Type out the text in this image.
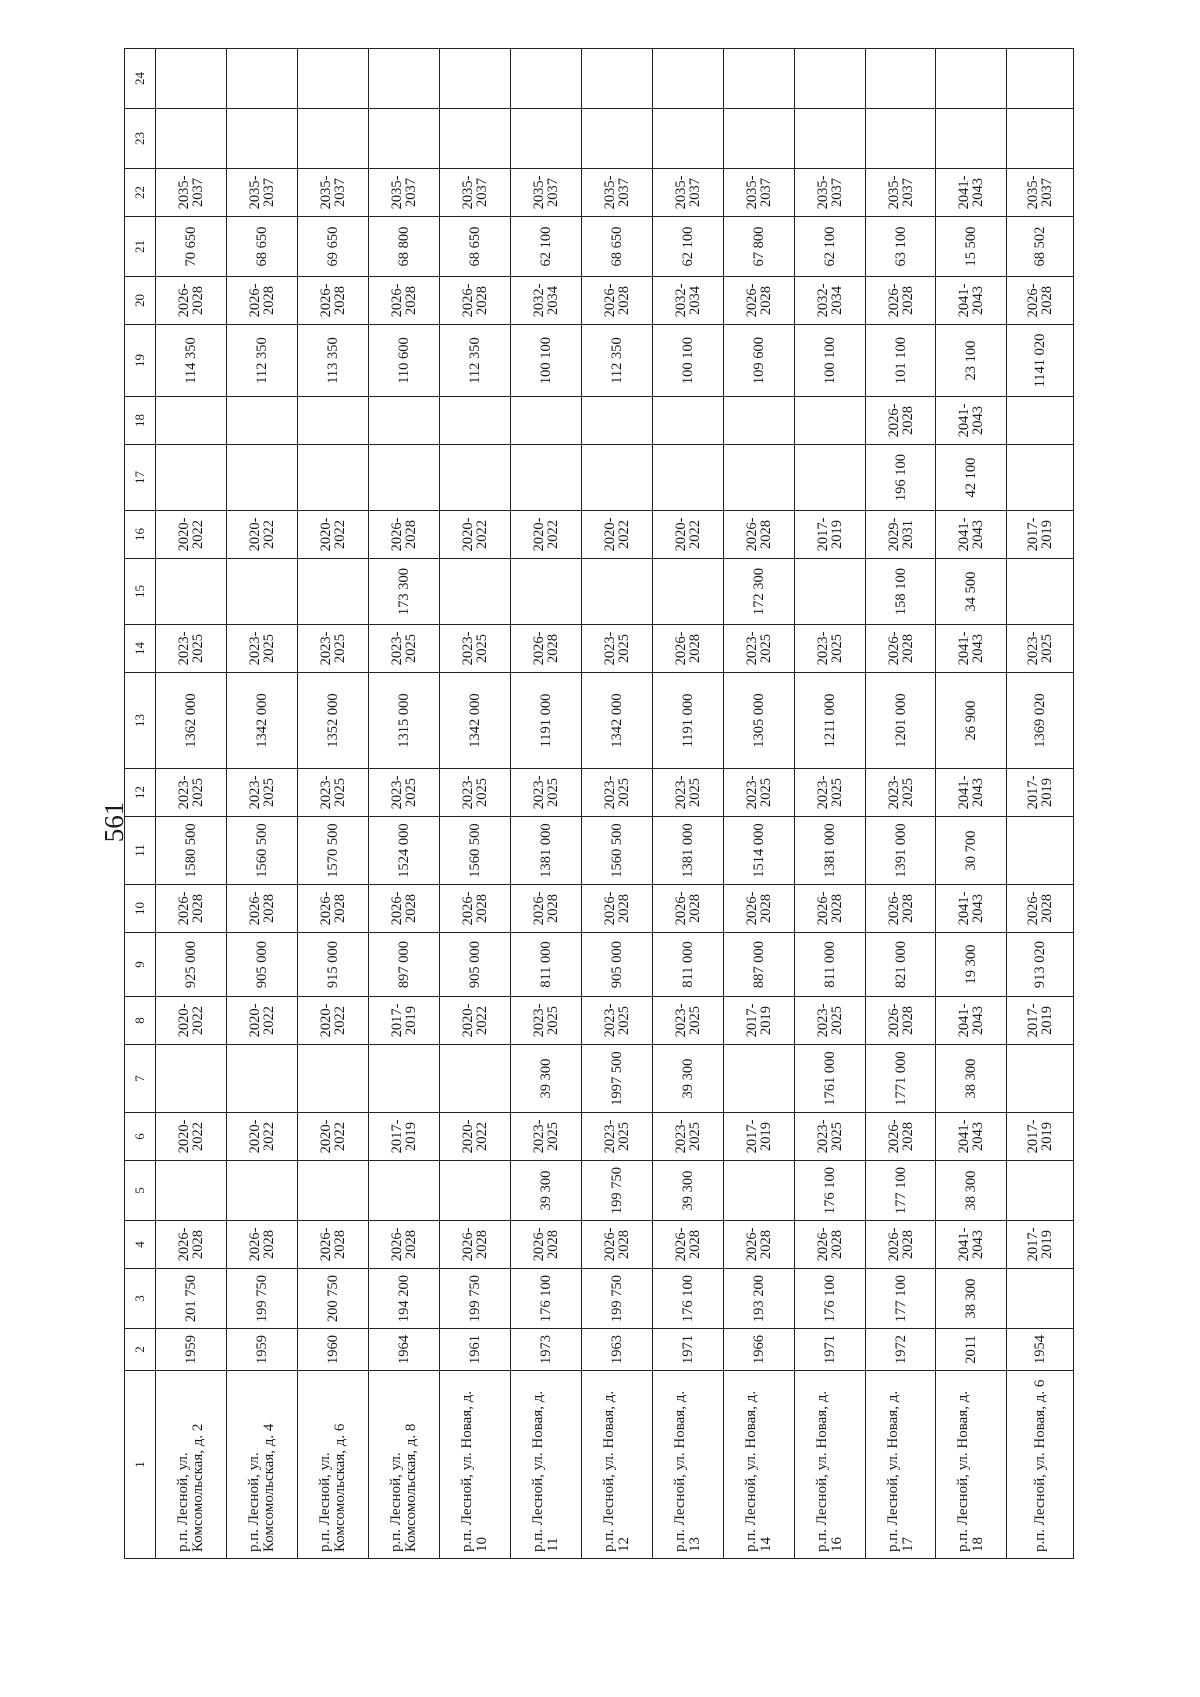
561
1	2	3	4	5	6	7	8	9	10	11	12	13	14	15	16	17	18	19	20	21	22	23	24
р.п. Лесной, ул. Комсомольская, д. 2	1959	201 750	2026-2028		2020-2022		2020-2022	925 000	2026-2028	1580 500	2023-2025	1362 000	2023-2025		2020-2022			114 350	2026-2028	70 650	2035-2037		
р.п. Лесной, ул. Комсомольская, д. 4	1959	199 750	2026-2028		2020-2022		2020-2022	905 000	2026-2028	1560 500	2023-2025	1342 000	2023-2025		2020-2022			112 350	2026-2028	68 650	2035-2037		
р.п. Лесной, ул. Комсомольская, д. 6	1960	200 750	2026-2028		2020-2022		2020-2022	915 000	2026-2028	1570 500	2023-2025	1352 000	2023-2025		2020-2022			113 350	2026-2028	69 650	2035-2037		
р.п. Лесной, ул. Комсомольская, д. 8	1964	194 200	2026-2028		2017-2019		2017-2019	897 000	2026-2028	1524 000	2023-2025	1315 000	2023-2025	173 300	2026-2028			110 600	2026-2028	68 800	2035-2037		
р.п. Лесной, ул. Новая, д. 10	1961	199 750	2026-2028		2020-2022		2020-2022	905 000	2026-2028	1560 500	2023-2025	1342 000	2023-2025		2020-2022			112 350	2026-2028	68 650	2035-2037		
р.п. Лесной, ул. Новая, д. 11	1973	176 100	2026-2028	39 300	2023-2025	39 300	2023-2025	811 000	2026-2028	1381 000	2023-2025	1191 000	2026-2028		2020-2022			100 100	2032-2034	62 100	2035-2037		
р.п. Лесной, ул. Новая, д. 12	1963	199 750	2026-2028	199 750	2023-2025	1997 500	2023-2025	905 000	2026-2028	1560 500	2023-2025	1342 000	2023-2025		2020-2022			112 350	2026-2028	68 650	2035-2037		
р.п. Лесной, ул. Новая, д. 13	1971	176 100	2026-2028	39 300	2023-2025	39 300	2023-2025	811 000	2026-2028	1381 000	2023-2025	1191 000	2026-2028		2020-2022			100 100	2032-2034	62 100	2035-2037		
р.п. Лесной, ул. Новая, д. 14	1966	193 200	2026-2028		2017-2019		2017-2019	887 000	2026-2028	1514 000	2023-2025	1305 000	2023-2025	172 300	2026-2028			109 600	2026-2028	67 800	2035-2037		
р.п. Лесной, ул. Новая, д. 16	1971	176 100	2026-2028	176 100	2023-2025	1761 000	2023-2025	811 000	2026-2028	1381 000	2023-2025	1211 000	2023-2025		2017-2019			100 100	2032-2034	62 100	2035-2037		
р.п. Лесной, ул. Новая, д. 17	1972	177 100	2026-2028	177 100	2026-2028	1771 000	2026-2028	821 000	2026-2028	1391 000	2023-2025	1201 000	2026-2028	158 100	2029-2031	196 100	2026-2028	101 100	2026-2028	63 100	2035-2037		
р.п. Лесной, ул. Новая, д. 18	2011	38 300	2041-2043	38 300	2041-2043	38 300	2041-2043	19 300	2041-2043	30 700	2041-2043	26 900	2041-2043	34 500	2041-2043	42 100	2041-2043	23 100	2041-2043	15 500	2041-2043		
р.п. Лесной, ул. Новая, д. 6	1954		2017-2019		2017-2019		2017-2019	913 020	2026-2028		2017-2019	1369 020	2023-2025		2017-2019			1141 020	2026-2028	68 502	2035-2037		
